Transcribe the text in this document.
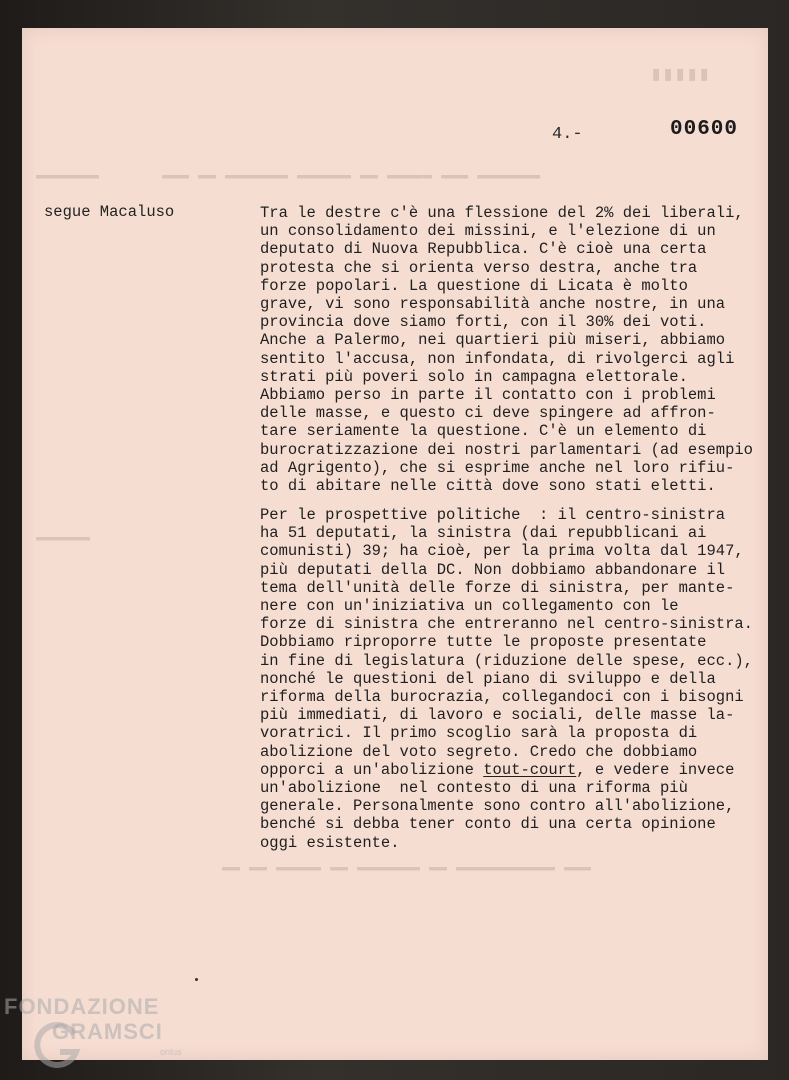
▮▮▮▮▮
▬▬▬▬▬▬▬       ▬▬▬ ▬▬ ▬▬▬▬▬▬▬ ▬▬▬▬▬▬ ▬▬ ▬▬▬▬▬ ▬▬▬ ▬▬▬▬▬▬▬
▬▬▬▬▬▬
▬▬ ▬▬ ▬▬▬▬▬ ▬▬ ▬▬▬▬▬▬▬ ▬▬ ▬▬▬▬▬▬▬▬▬▬▬ ▬▬▬
00600
4.-
segue Macaluso	Tra le destre c'è una flessione del 2% dei liberali,
un consolidamento dei missini, e l'elezione di un
deputato di Nuova Repubblica. C'è cioè una certa
protesta che si orienta verso destra, anche tra
forze popolari. La questione di Licata è molto
grave, vi sono responsabilità anche nostre, in una
provincia dove siamo forti, con il 30% dei voti.
Anche a Palermo, nei quartieri più miseri, abbiamo
sentito l'accusa, non infondata, di rivolgerci agli
strati più poveri solo in campagna elettorale.
Abbiamo perso in parte il contatto con i problemi
delle masse, e questo ci deve spingere ad affron-
tare seriamente la questione. C'è un elemento di
burocratizzazione dei nostri parlamentari (ad esempio
ad Agrigento), che si esprime anche nel loro rifiu-
to di abitare nelle città dove sono stati eletti.

Per le prospettive politiche  : il centro-sinistra
ha 51 deputati, la sinistra (dai repubblicani ai
comunisti) 39; ha cioè, per la prima volta dal 1947,
più deputati della DC. Non dobbiamo abbandonare il
tema dell'unità delle forze di sinistra, per mante-
nere con un'iniziativa un collegamento con le
forze di sinistra che entreranno nel centro-sinistra.
Dobbiamo riproporre tutte le proposte presentate
in fine di legislatura (riduzione delle spese, ecc.),
nonché le questioni del piano di sviluppo e della
riforma della burocrazia, collegandoci con i bisogni
più immediati, di lavoro e sociali, delle masse la-
voratrici. Il primo scoglio sarà la proposta di
abolizione del voto segreto. Credo che dobbiamo
opporci a un'abolizione tout-court, e vedere invece
un'abolizione  nel contesto di una riforma più
generale. Personalmente sono contro all'abolizione,
benché si debba tener conto di una certa opinione
oggi esistente.

FONDAZIONE
GRAMSCI
onlus
